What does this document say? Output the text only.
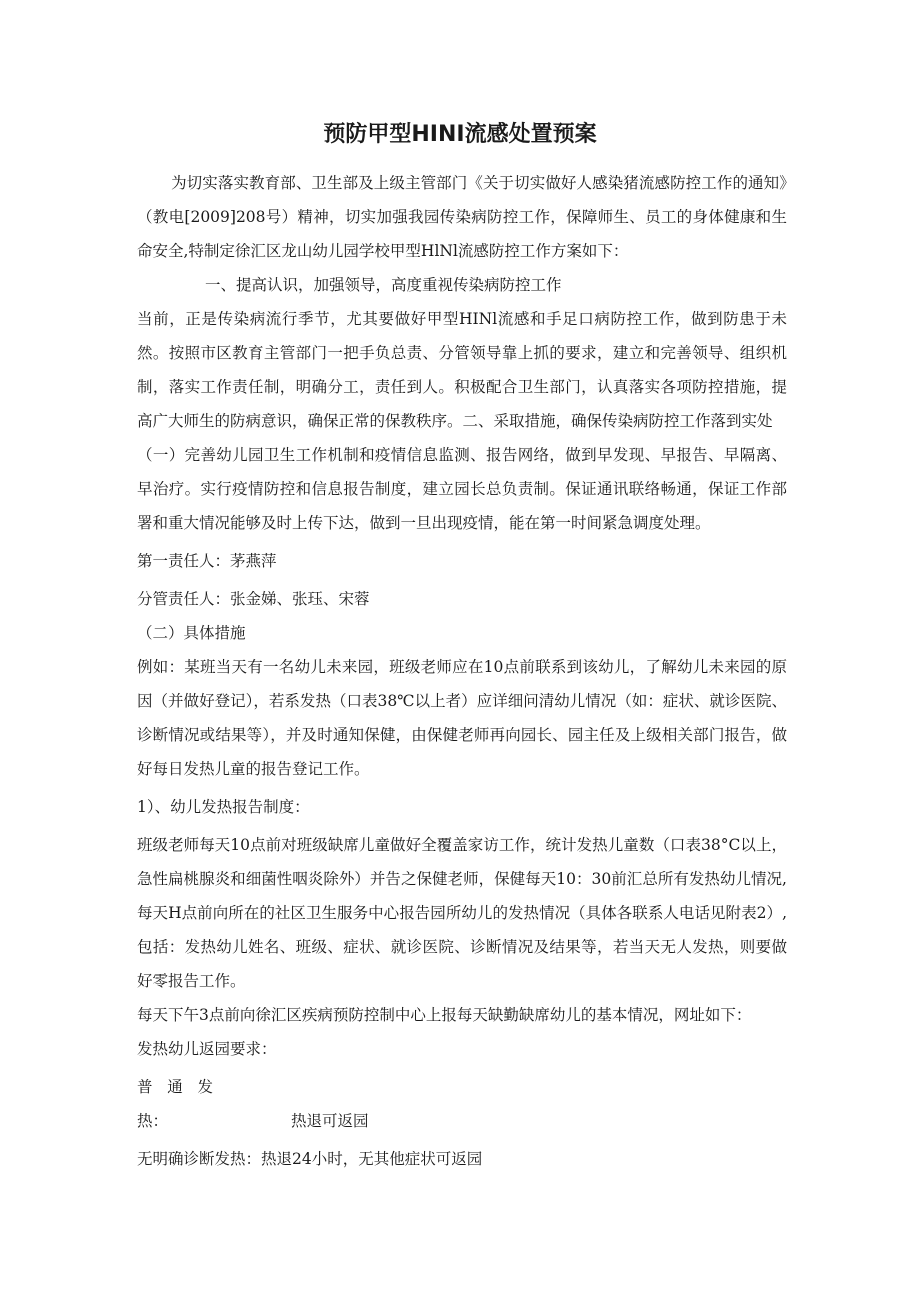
预防甲型HINI流感处置预案

为切实落实教育部、卫生部及上级主管部门《关于切实做好人感染猪流感防控工作的通知》（教电[2009]208号）精神，切实加强我园传染病防控工作，保障师生、员工的身体健康和生命安全,特制定徐汇区龙山幼儿园学校甲型HlNl流感防控工作方案如下：

一、提高认识，加强领导，高度重视传染病防控工作

当前，正是传染病流行季节，尤其要做好甲型HINl流感和手足口病防控工作，做到防患于未然。按照市区教育主管部门一把手负总责、分管领导靠上抓的要求，建立和完善领导、组织机制，落实工作责任制，明确分工，责任到人。积极配合卫生部门，认真落实各项防控措施，提高广大师生的防病意识，确保正常的保教秩序。二、采取措施，确保传染病防控工作落到实处

（一）完善幼儿园卫生工作机制和疫情信息监测、报告网络，做到早发现、早报告、早隔离、早治疗。实行疫情防控和信息报告制度，建立园长总负责制。保证通讯联络畅通，保证工作部署和重大情况能够及时上传下达，做到一旦出现疫情，能在第一时间紧急调度处理。

第一责任人：茅燕萍

分管责任人：张金娣、张珏、宋蓉

（二）具体措施

例如：某班当天有一名幼儿未来园，班级老师应在10点前联系到该幼儿，了解幼儿未来园的原因（并做好登记），若系发热（口表38℃以上者）应详细问清幼儿情况（如：症状、就诊医院、诊断情况或结果等），并及时通知保健，由保健老师再向园长、园主任及上级相关部门报告，做好每日发热儿童的报告登记工作。

1）、幼儿发热报告制度：

班级老师每天10点前对班级缺席儿童做好全覆盖家访工作，统计发热儿童数（口表38°C以上，急性扁桃腺炎和细菌性咽炎除外）并告之保健老师，保健每天10：30前汇总所有发热幼儿情况,每天H点前向所在的社区卫生服务中心报告园所幼儿的发热情况（具体各联系人电话见附表2）,包括：发热幼儿姓名、班级、症状、就诊医院、诊断情况及结果等，若当天无人发热，则要做好零报告工作。

每天下午3点前向徐汇区疾病预防控制中心上报每天缺勤缺席幼儿的基本情况，网址如下：

发热幼儿返园要求：

普通发热：	热退可返园

无明确诊断发热：热退24小时，无其他症状可返园
